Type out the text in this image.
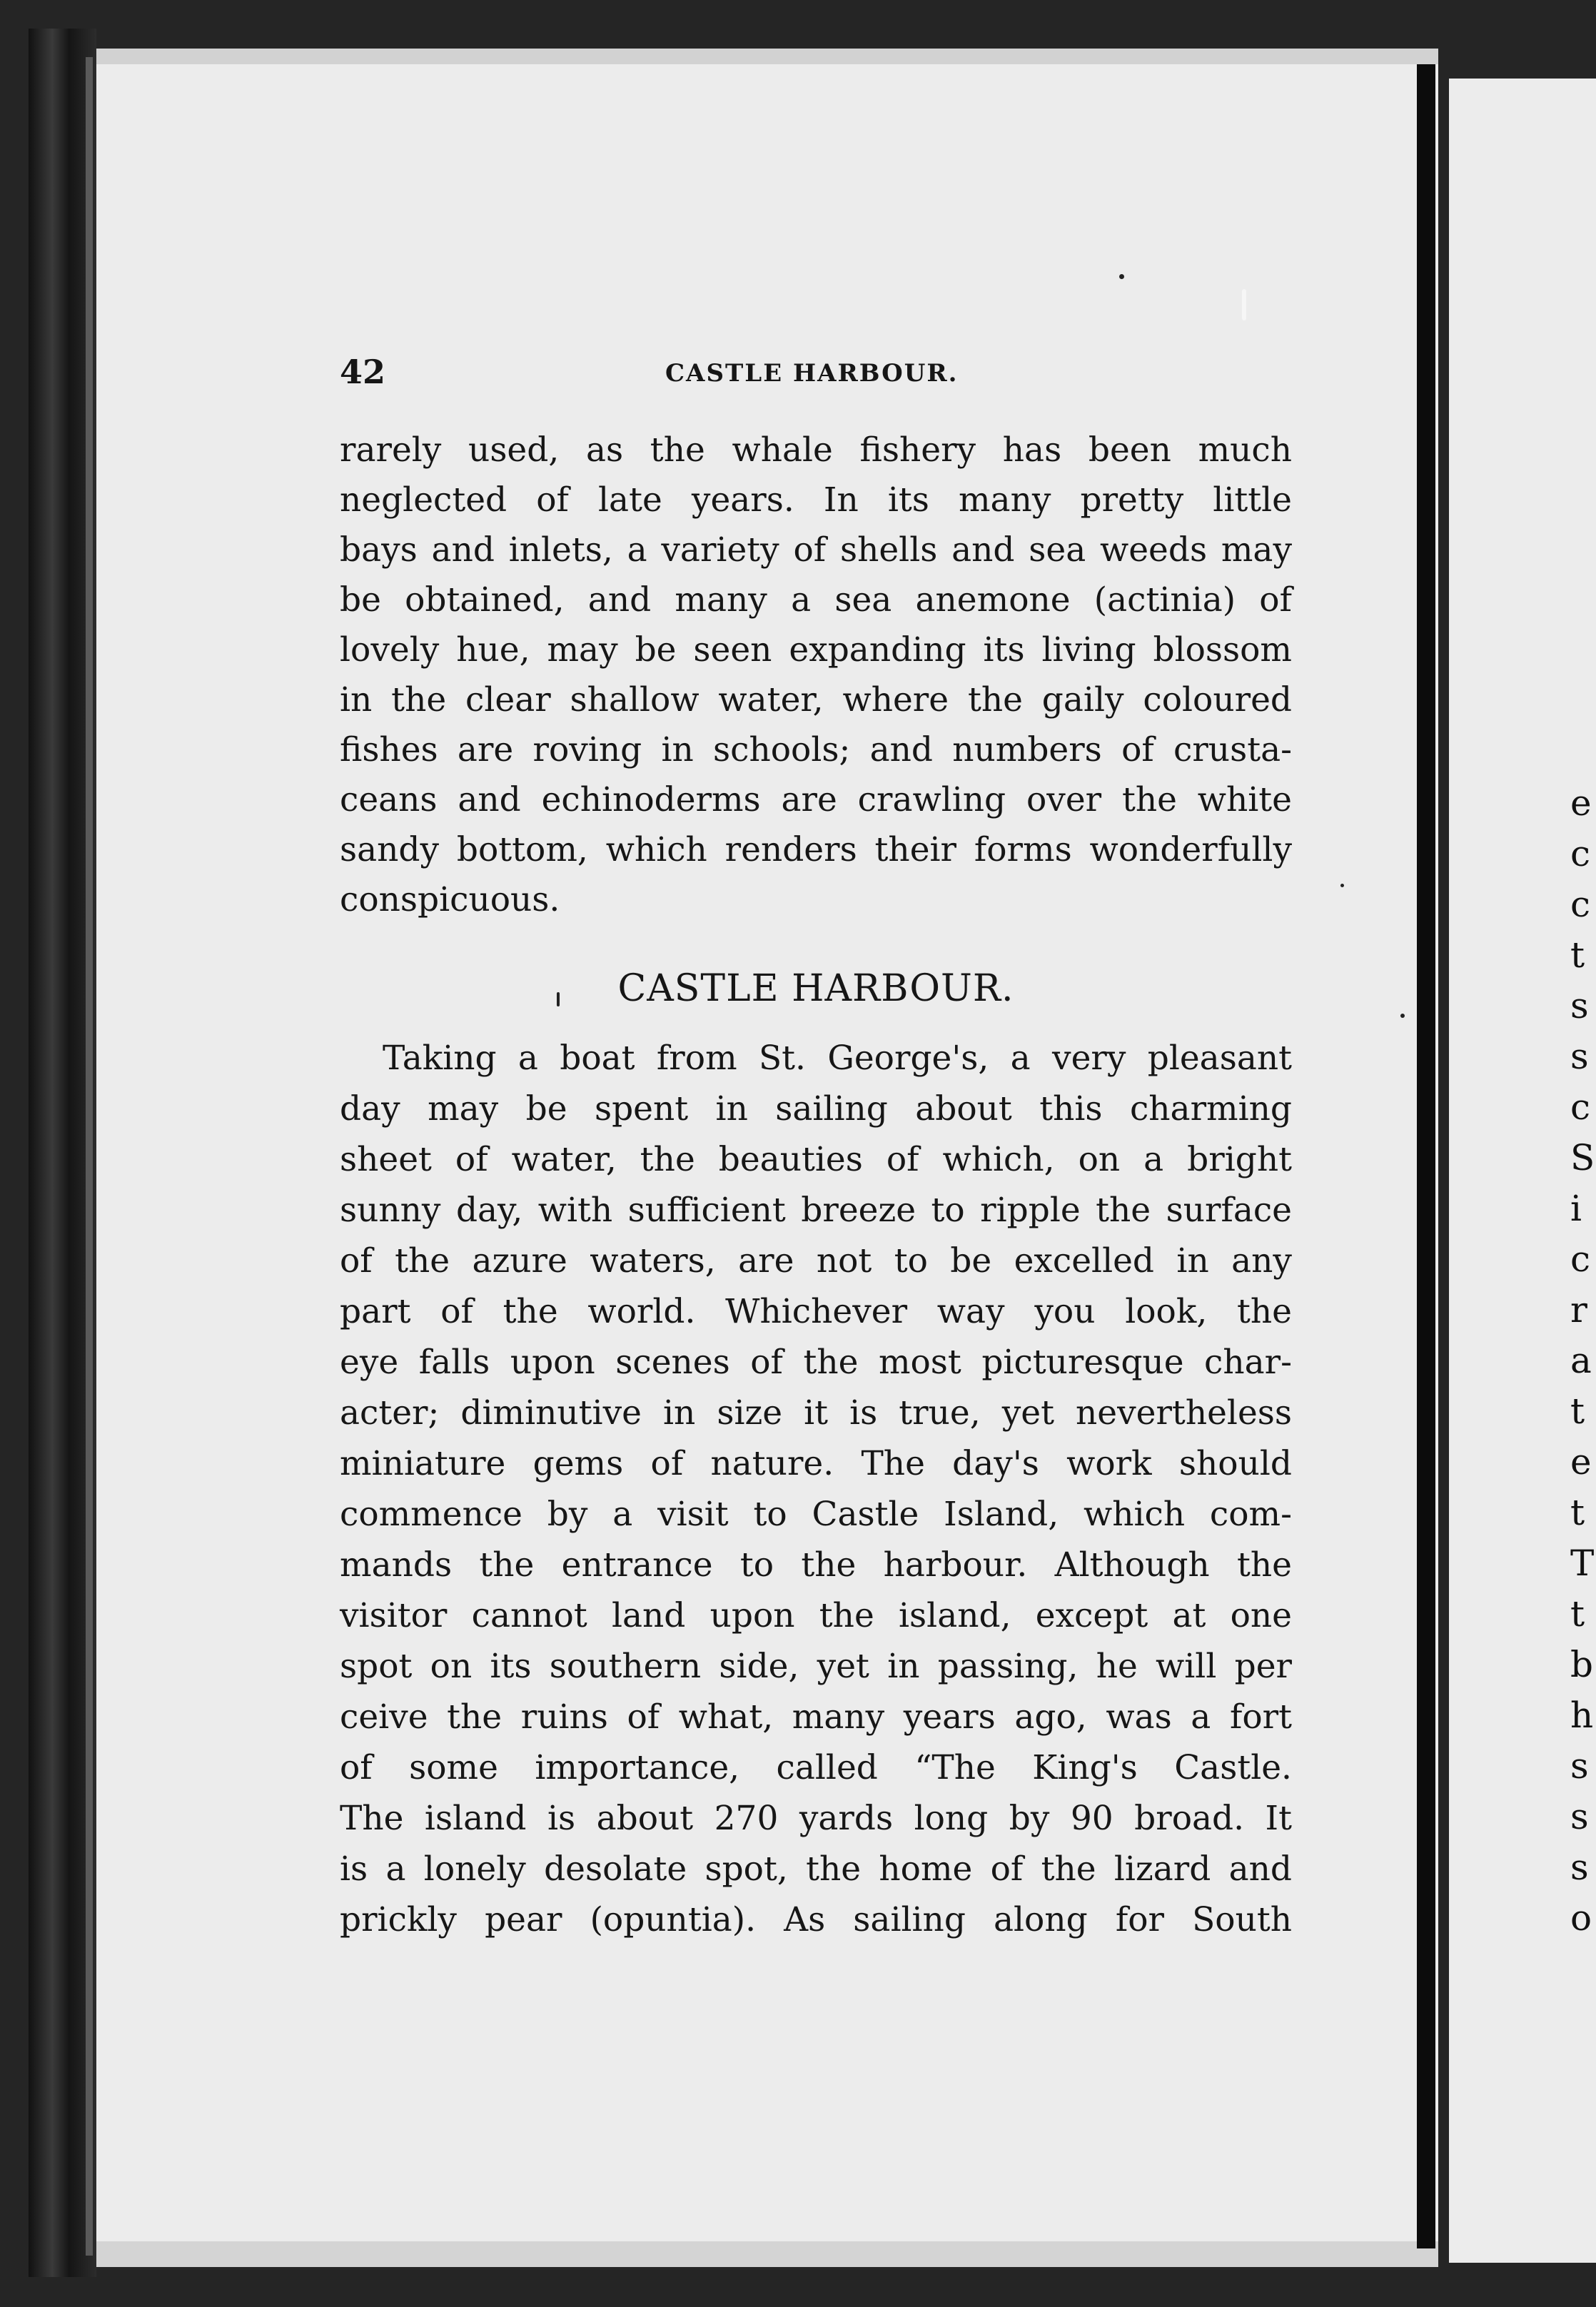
e
c
c
t
s
s
c
S
i
c
r
a
t
e
t
T
t
b
h
s
s
s
o
42	CASTLE HARBOUR.
rarely used, as the whale fishery has been much
neglected of late years. In its many pretty little
bays and inlets, a variety of shells and sea weeds may
be obtained, and many a sea anemone (actinia) of
lovely hue, may be seen expanding its living blossom
in the clear shallow water, where the gaily coloured
fishes are roving in schools; and numbers of crusta-
ceans and echinoderms are crawling over the white
sandy bottom, which renders their forms wonderfully
conspicuous.
CASTLE HARBOUR.
Taking a boat from St. George's, a very pleasant
day may be spent in sailing about this charming
sheet of water, the beauties of which, on a bright
sunny day, with sufficient breeze to ripple the surface
of the azure waters, are not to be excelled in any
part of the world. Whichever way you look, the
eye falls upon scenes of the most picturesque char-
acter; diminutive in size it is true, yet nevertheless
miniature gems of nature. The day's work should
commence by a visit to Castle Island, which com-
mands the entrance to the harbour. Although the
visitor cannot land upon the island, except at one
spot on its southern side, yet in passing, he will per
ceive the ruins of what, many years ago, was a fort
of some importance, called “The King's Castle.
The island is about 270 yards long by 90 broad. It
is a lonely desolate spot, the home of the lizard and
prickly pear (opuntia). As sailing along for South
